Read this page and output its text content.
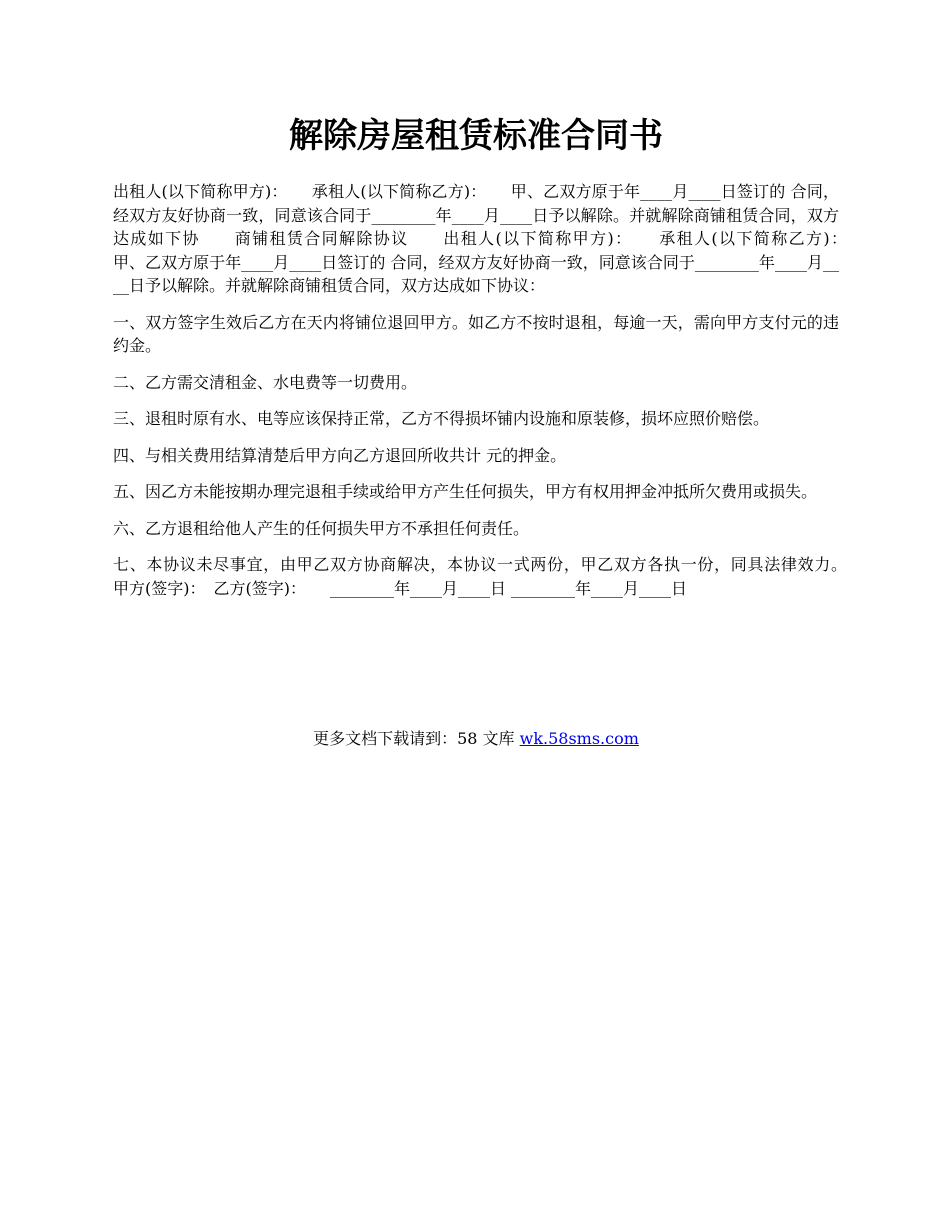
解除房屋租赁标准合同书

出租人(以下简称甲方)：　　承租人(以下简称乙方)：　　甲、乙双方原于年____月____日签订的 合同，经双方友好协商一致，同意该合同于________年____月____日予以解除。并就解除商铺租赁合同，双方达成如下协　　商铺租赁合同解除协议　　出租人(以下简称甲方)：　　承租人(以下简称乙方)：　　甲、乙双方原于年____月____日签订的 合同，经双方友好协商一致，同意该合同于________年____月____日予以解除。并就解除商铺租赁合同，双方达成如下协议：

一、双方签字生效后乙方在天内将铺位退回甲方。如乙方不按时退租，每逾一天，需向甲方支付元的违约金。

二、乙方需交清租金、水电费等一切费用。

三、退租时原有水、电等应该保持正常，乙方不得损坏铺内设施和原装修，损坏应照价赔偿。

四、与相关费用结算清楚后甲方向乙方退回所收共计 元的押金。

五、因乙方未能按期办理完退租手续或给甲方产生任何损失，甲方有权用押金冲抵所欠费用或损失。

六、乙方退租给他人产生的任何损失甲方不承担任何责任。

七、本协议未尽事宜，由甲乙双方协商解决，本协议一式两份，甲乙双方各执一份，同具法律效力。　　甲方(签字)：　乙方(签字)：　　________年____月____日 ________年____月____日

更多文档下载请到：58 文库 wk.58sms.com
